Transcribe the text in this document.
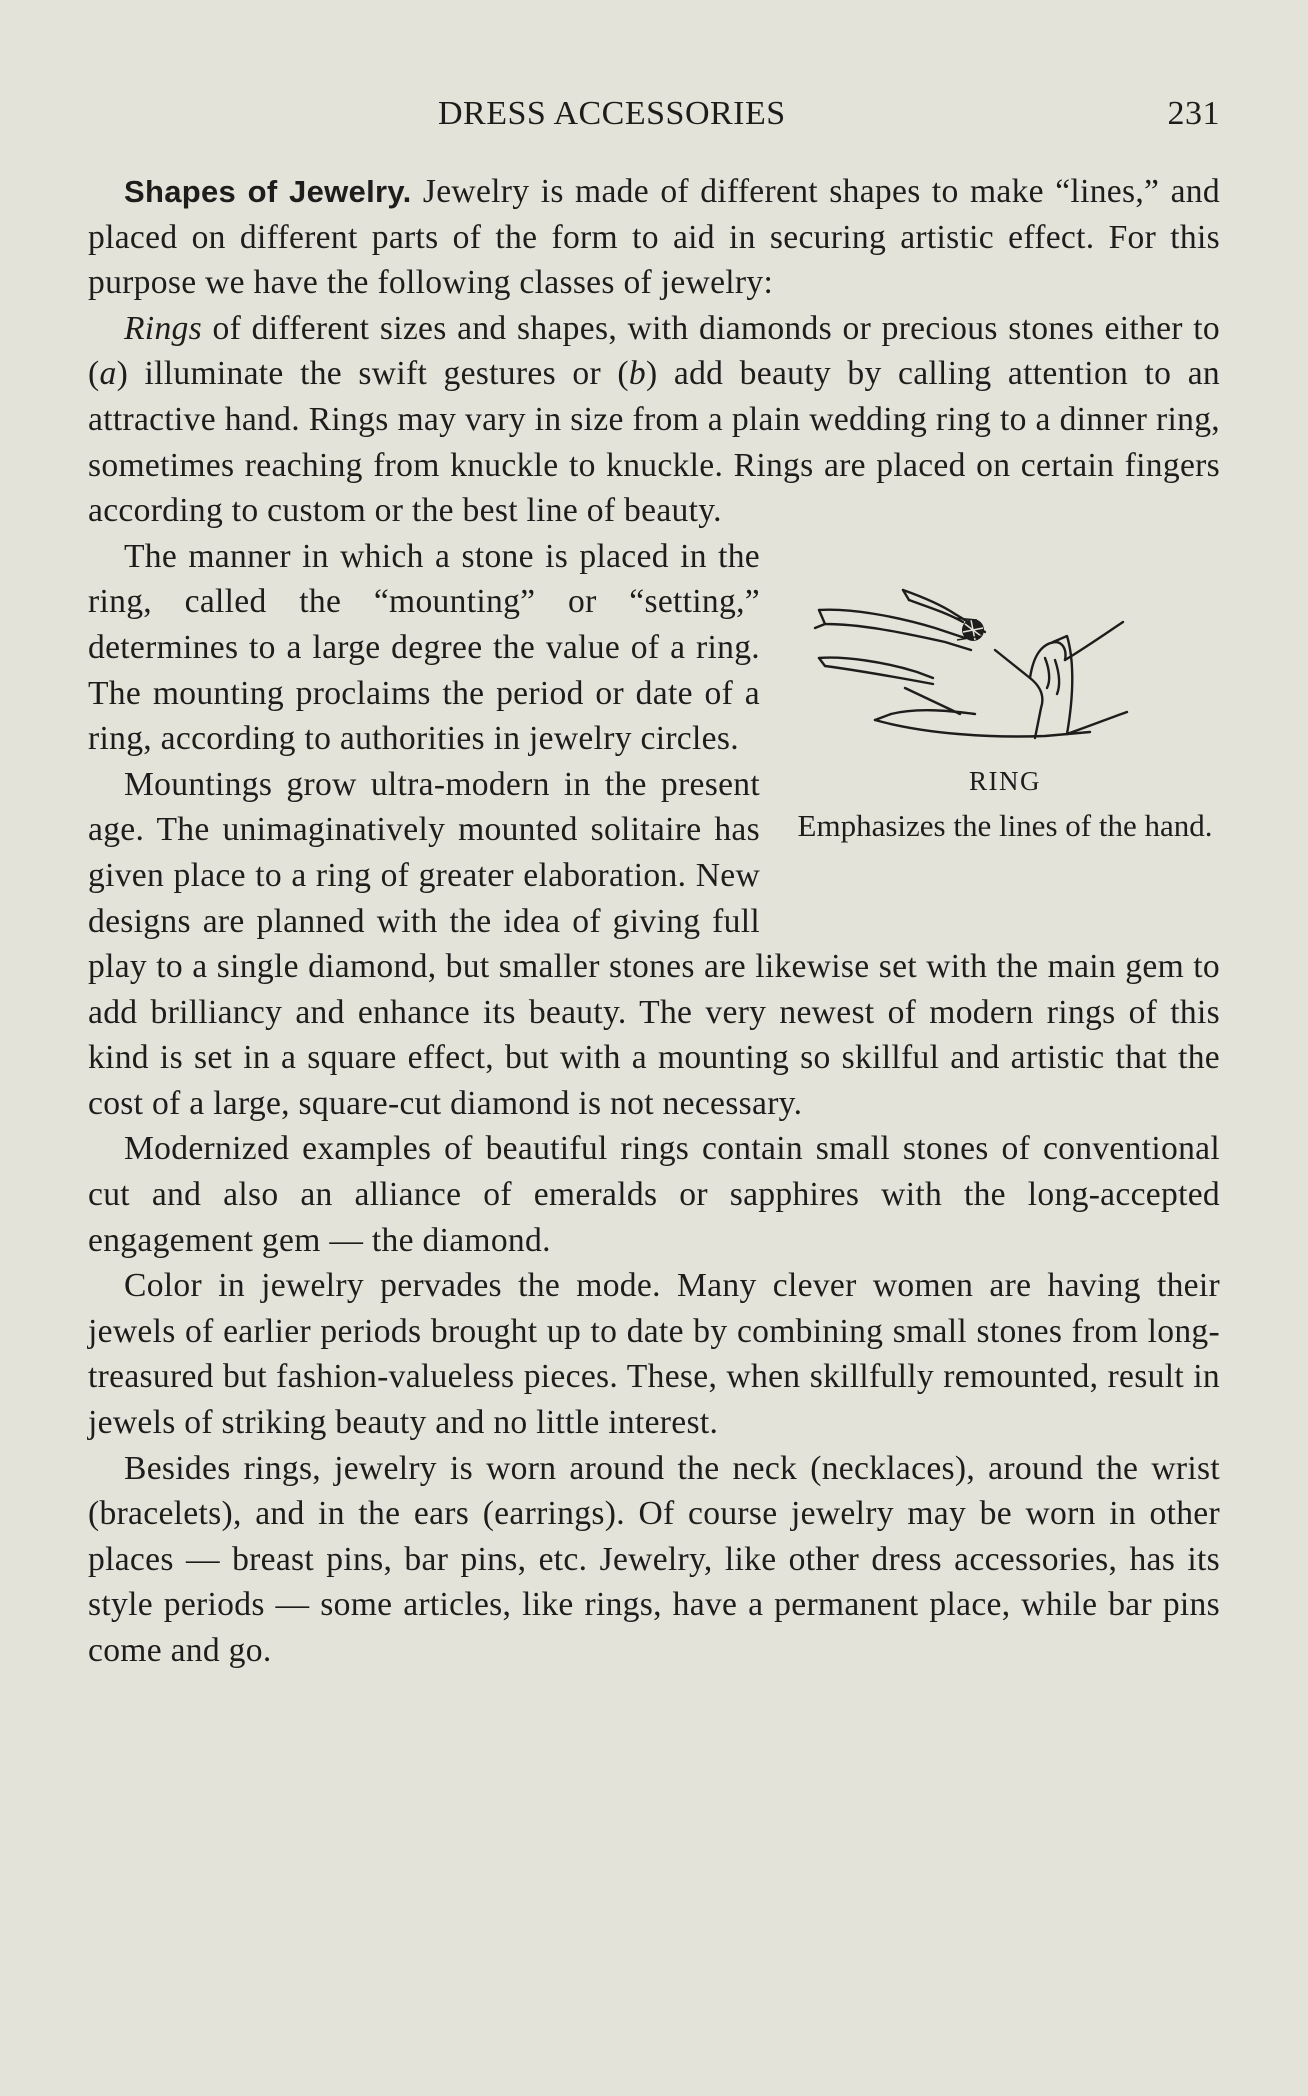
DRESS ACCESSORIES	231

Shapes of Jewelry. Jewelry is made of different shapes to make “lines,” and placed on different parts of the form to aid in securing artistic effect. For this purpose we have the following classes of jewelry:

Rings of different sizes and shapes, with diamonds or precious stones either to (a) illuminate the swift gestures or (b) add beauty by calling attention to an attractive hand. Rings may vary in size from a plain wedding ring to a dinner ring, sometimes reaching from knuckle to knuckle. Rings are placed on certain fingers according to custom or the best line of beauty.

RING
Emphasizes the lines of the hand.

The manner in which a stone is placed in the ring, called the “mounting” or “setting,” determines to a large degree the value of a ring. The mounting proclaims the period or date of a ring, according to authorities in jewelry circles.

Mountings grow ultra-modern in the present age. The unimaginatively mounted solitaire has given place to a ring of greater elaboration. New designs are planned with the idea of giving full play to a single diamond, but smaller stones are likewise set with the main gem to add brilliancy and enhance its beauty. The very newest of modern rings of this kind is set in a square effect, but with a mounting so skillful and artistic that the cost of a large, square-cut diamond is not necessary.

Modernized examples of beautiful rings contain small stones of conventional cut and also an alliance of emeralds or sapphires with the long-accepted engagement gem — the diamond.

Color in jewelry pervades the mode. Many clever women are having their jewels of earlier periods brought up to date by combining small stones from long-treasured but fashion-valueless pieces. These, when skillfully remounted, result in jewels of striking beauty and no little interest.

Besides rings, jewelry is worn around the neck (necklaces), around the wrist (bracelets), and in the ears (earrings). Of course jewelry may be worn in other places — breast pins, bar pins, etc. Jewelry, like other dress accessories, has its style periods — some articles, like rings, have a permanent place, while bar pins come and go.
